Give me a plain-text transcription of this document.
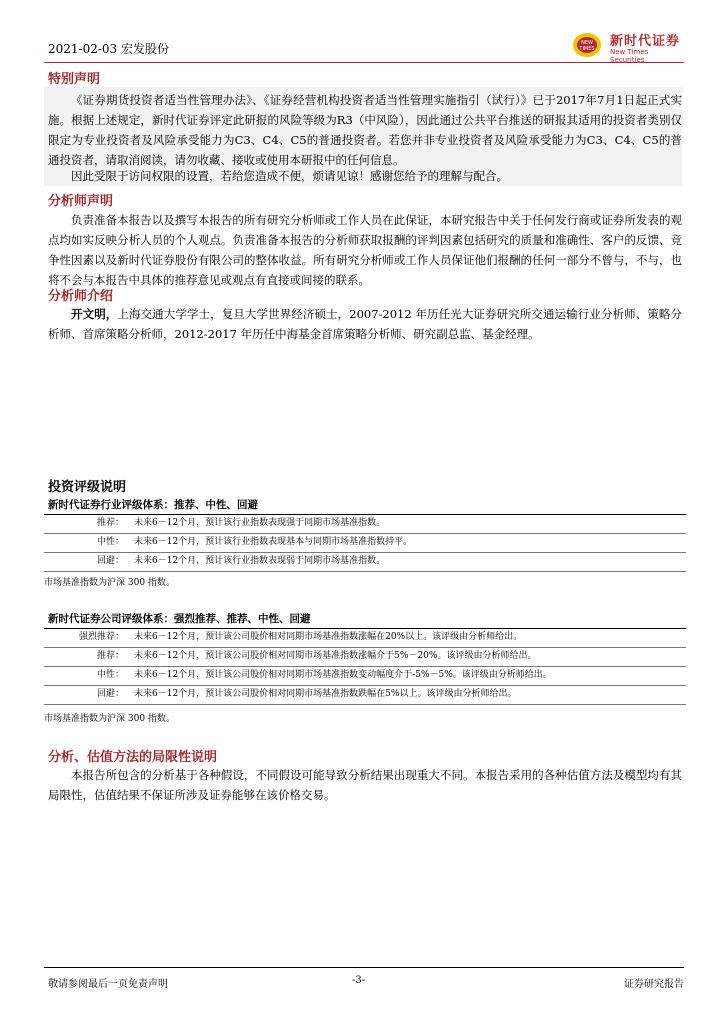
2021-02-03 宏发股份	NEW
TIMES 新时代证券
New Times Securities
特别声明
《证券期货投资者适当性管理办法》、《证券经营机构投资者适当性管理实施指引（试行）》已于2017年7月1日起正式实施。根据上述规定，新时代证券评定此研报的风险等级为R3（中风险），因此通过公共平台推送的研报其适用的投资者类别仅限定为专业投资者及风险承受能力为C3、C4、C5的普通投资者。若您并非专业投资者及风险承受能力为C3、C4、C5的普通投资者，请取消阅读，请勿收藏、接收或使用本研报中的任何信息。
因此受限于访问权限的设置，若给您造成不便，烦请见谅！感谢您给予的理解与配合。
分析师声明
负责准备本报告以及撰写本报告的所有研究分析师或工作人员在此保证，本研究报告中关于任何发行商或证券所发表的观点均如实反映分析人员的个人观点。负责准备本报告的分析师获取报酬的评判因素包括研究的质量和准确性、客户的反馈、竞争性因素以及新时代证券股份有限公司的整体收益。所有研究分析师或工作人员保证他们报酬的任何一部分不曾与，不与，也将不会与本报告中具体的推荐意见或观点有直接或间接的联系。
分析师介绍
开文明，上海交通大学学士，复旦大学世界经济硕士，2007-2012 年历任光大证券研究所交通运输行业分析师、策略分析师、首席策略分析师，2012-2017 年历任中海基金首席策略分析师、研究副总监、基金经理。
投资评级说明
新时代证券行业评级体系：推荐、中性、回避
推荐： 未来6－12个月，预计该行业指数表现强于同期市场基准指数。
中性： 未来6－12个月，预计该行业指数表现基本与同期市场基准指数持平。
回避： 未来6－12个月，预计该行业指数表现弱于同期市场基准指数。
市场基准指数为沪深 300 指数。
新时代证券公司评级体系：强烈推荐、推荐、中性、回避
强烈推荐： 未来6－12个月，预计该公司股价相对同期市场基准指数涨幅在20%以上。该评级由分析师给出。
推荐： 未来6－12个月，预计该公司股价相对同期市场基准指数涨幅介于5%－20%。该评级由分析师给出。
中性： 未来6－12个月，预计该公司股价相对同期市场基准指数变动幅度介于-5%－5%。该评级由分析师给出。
回避： 未来6－12个月，预计该公司股价相对同期市场基准指数跌幅在5%以上。该评级由分析师给出。
市场基准指数为沪深 300 指数。
分析、估值方法的局限性说明
本报告所包含的分析基于各种假设，不同假设可能导致分析结果出现重大不同。本报告采用的各种估值方法及模型均有其局限性，估值结果不保证所涉及证券能够在该价格交易。
敬请参阅最后一页免责声明	-3-	证券研究报告
